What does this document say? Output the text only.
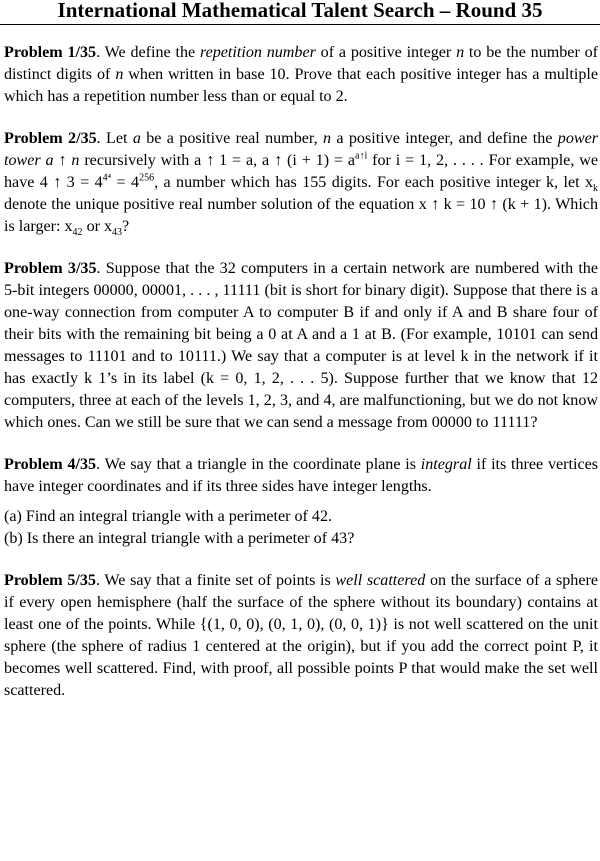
International Mathematical Talent Search – Round 35

Problem 1/35. We define the repetition number of a positive integer n to be the number of distinct digits of n when written in base 10. Prove that each positive integer has a multiple which has a repetition number less than or equal to 2.

Problem 2/35. Let a be a positive real number, n a positive integer, and define the power tower a ↑ n recursively with a ↑ 1 = a, a ↑ $(i + 1) = a^{a↑i}$ for i = 1, 2, . . . . For example, we have 4 ↑ $3 = 4^{4^4} = 4^{256}$, a number which has 155 digits. For each positive integer k, let $x_k$ denote the unique positive real number solution of the equation x ↑ k = 10 ↑ (k + 1). Which is larger: $x_{42}$ or $x_{43}$?

Problem 3/35. Suppose that the 32 computers in a certain network are numbered with the 5-bit integers 00000, 00001, . . . , 11111 (bit is short for binary digit). Suppose that there is a one-way connection from computer A to computer B if and only if A and B share four of their bits with the remaining bit being a 0 at A and a 1 at B. (For example, 10101 can send messages to 11101 and to 10111.) We say that a computer is at level k in the network if it has exactly k 1’s in its label (k = 0, 1, 2, . . . 5). Suppose further that we know that 12 computers, three at each of the levels 1, 2, 3, and 4, are malfunctioning, but we do not know which ones. Can we still be sure that we can send a message from 00000 to 11111?

Problem 4/35. We say that a triangle in the coordinate plane is integral if its three vertices have integer coordinates and if its three sides have integer lengths.

(a) Find an integral triangle with a perimeter of 42.

(b) Is there an integral triangle with a perimeter of 43?

Problem 5/35. We say that a finite set of points is well scattered on the surface of a sphere if every open hemisphere (half the surface of the sphere without its boundary) contains at least one of the points. While {(1, 0, 0), (0, 1, 0), (0, 0, 1)} is not well scattered on the unit sphere (the sphere of radius 1 centered at the origin), but if you add the correct point P, it becomes well scattered. Find, with proof, all possible points P that would make the set well scattered.
